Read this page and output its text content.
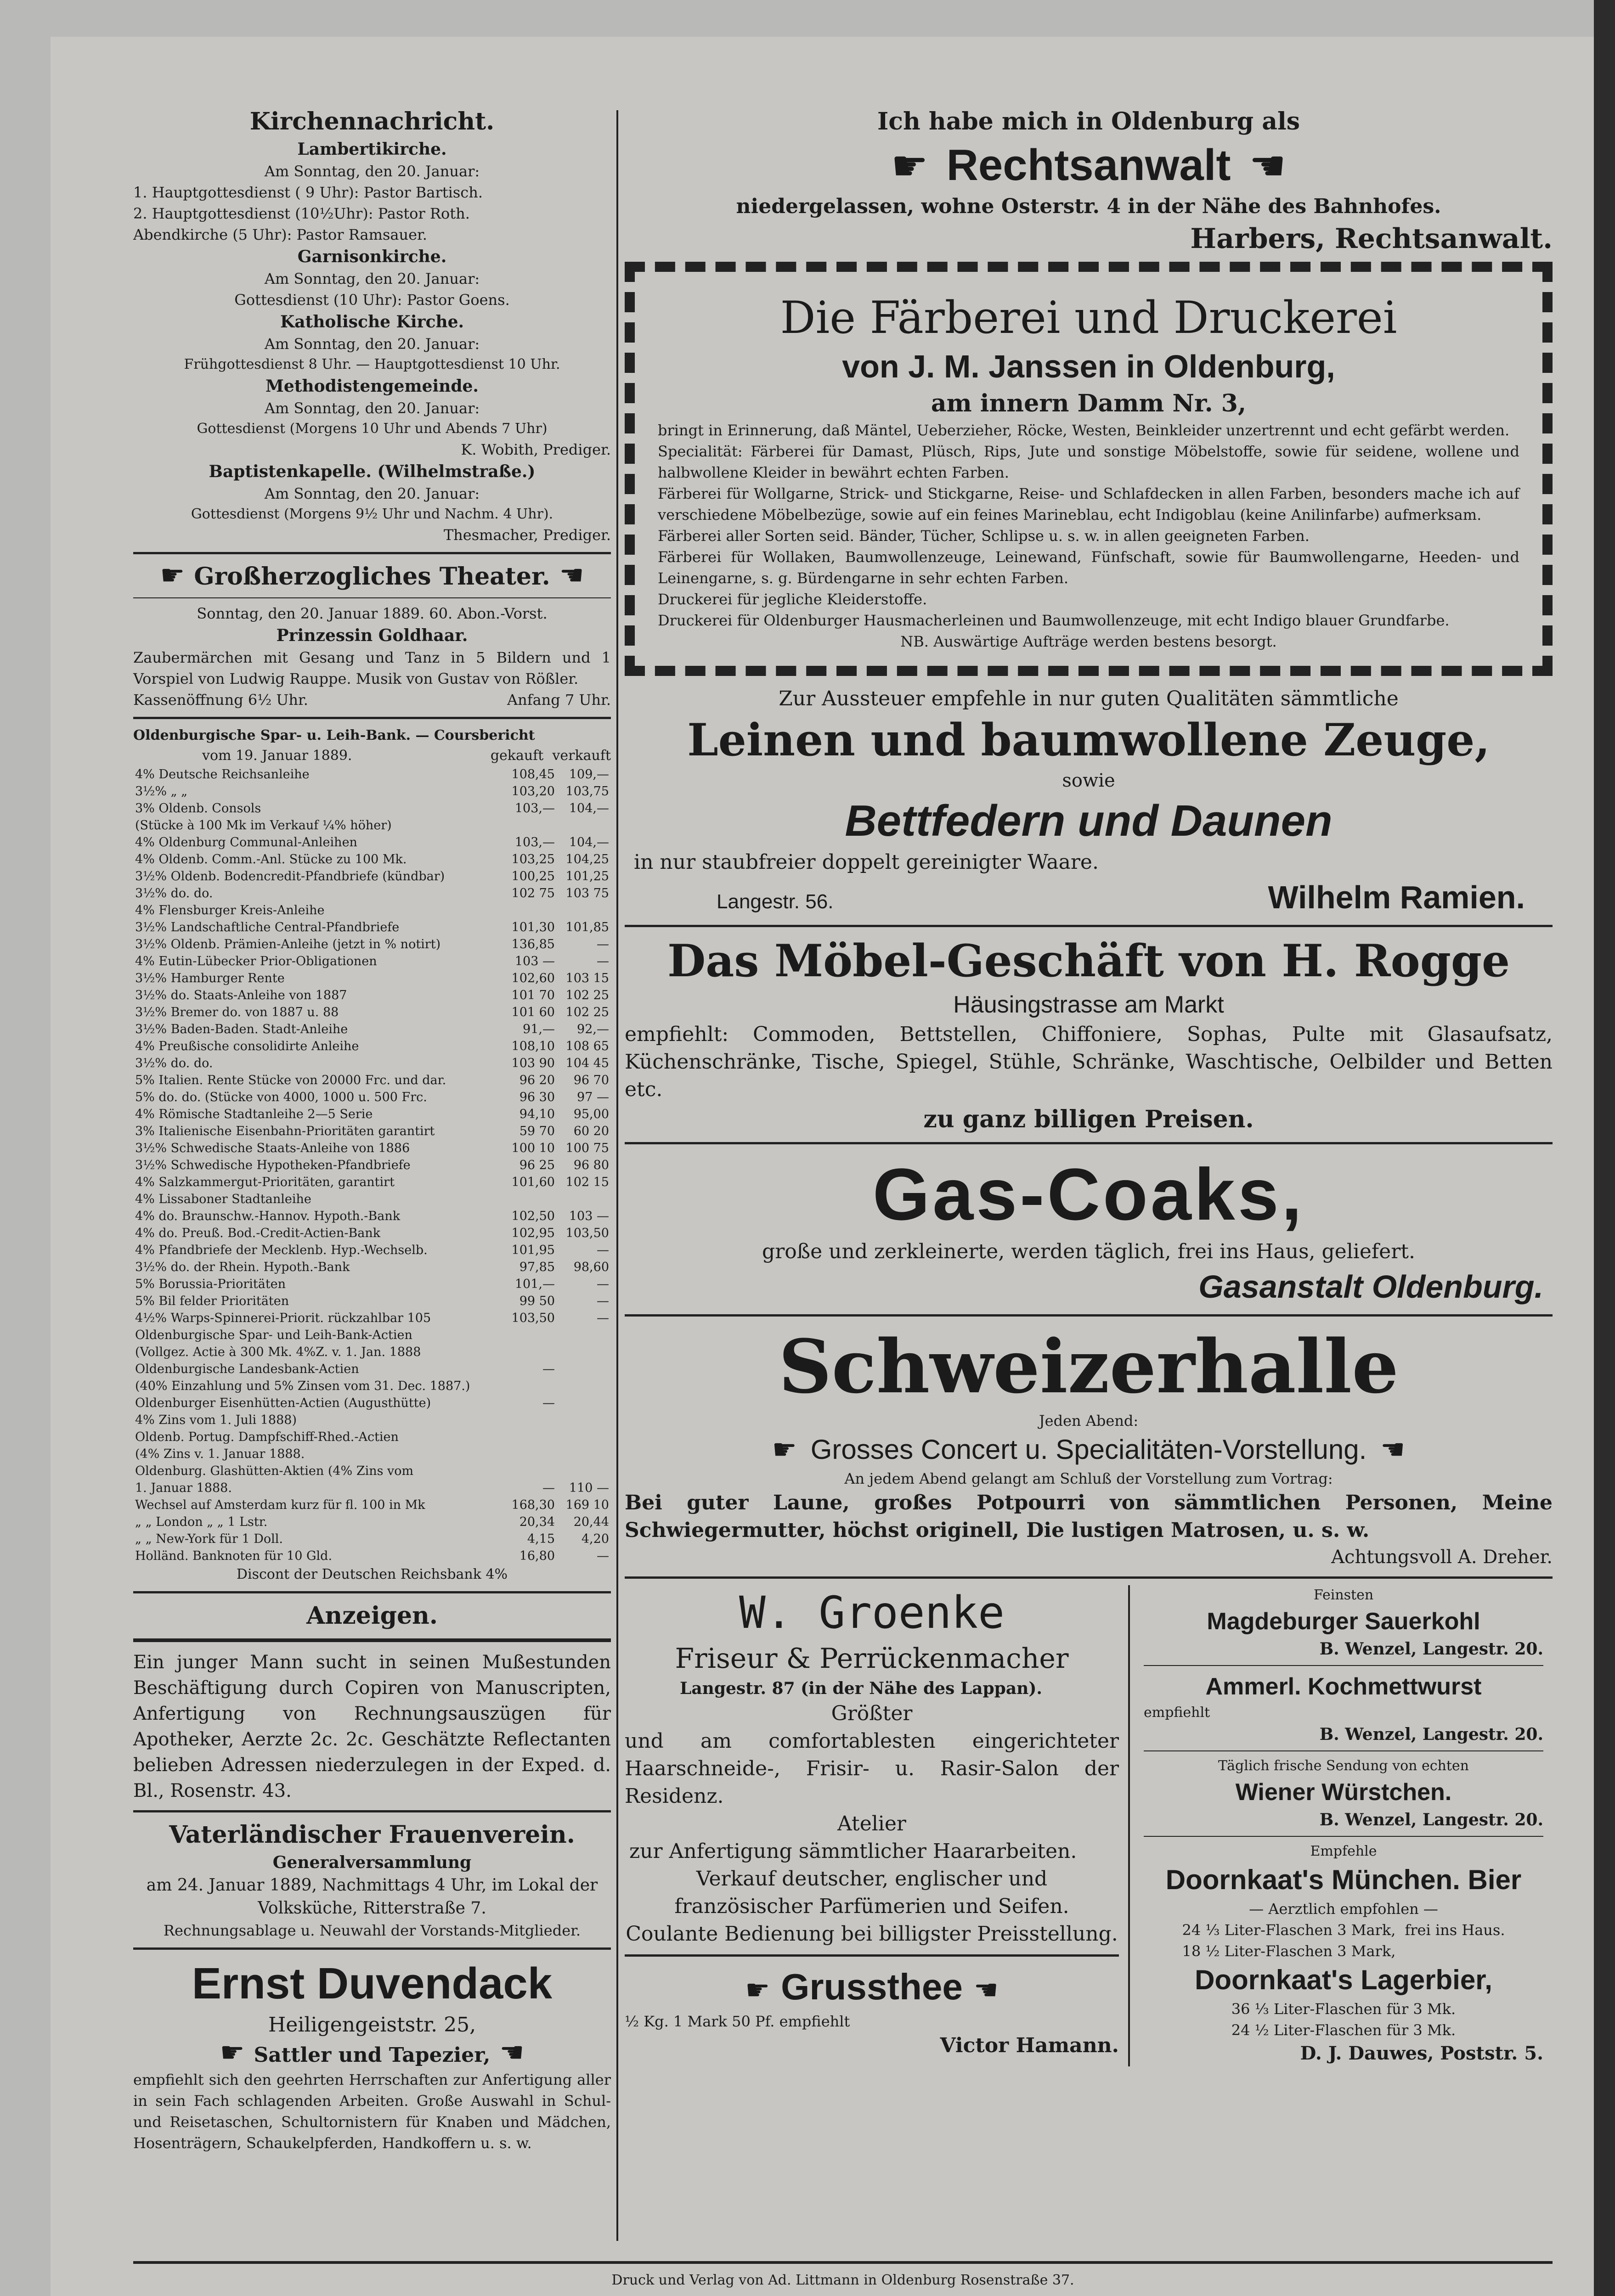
Kirchennachricht.
Lambertikirche.
Am Sonntag, den 20. Januar:
1. Hauptgottesdienst ( 9 Uhr): Pastor Bartisch.
2. Hauptgottesdienst (10½Uhr): Pastor Roth.
Abendkirche (5 Uhr): Pastor Ramsauer.
Garnisonkirche.
Am Sonntag, den 20. Januar:
Gottesdienst (10 Uhr): Pastor Goens.
Katholische Kirche.
Am Sonntag, den 20. Januar:
Frühgottesdienst 8 Uhr. — Hauptgottesdienst 10 Uhr.
Methodistengemeinde.
Am Sonntag, den 20. Januar:
Gottesdienst (Morgens 10 Uhr und Abends 7 Uhr)
K. Wobith, Prediger.
Baptistenkapelle. (Wilhelmstraße.)
Am Sonntag, den 20. Januar:
Gottesdienst (Morgens 9½ Uhr und Nachm. 4 Uhr).
Thesmacher, Prediger.
☛ Großherzogliches Theater. ☚
Sonntag, den 20. Januar 1889. 60. Abon.-Vorst.
Prinzessin Goldhaar.
Zaubermärchen mit Gesang und Tanz in 5 Bildern und 1 Vorspiel von Ludwig Rauppe. Musik von Gustav von Rößler.
Kassenöffnung 6½ Uhr.	Anfang 7 Uhr.
Oldenburgische Spar- u. Leih-Bank. — Coursbericht
vom 19. Januar 1889.	gekauft verkauft
4% Deutsche Reichsanleihe	108,45	109,—
3½% „ „	103,20	103,75
3% Oldenb. Consols	103,—	104,—
(Stücke à 100 Mk im Verkauf ¼% höher)		
4% Oldenburg Communal-Anleihen	103,—	104,—
4% Oldenb. Comm.-Anl. Stücke zu 100 Mk.	103,25	104,25
3½% Oldenb. Bodencredit-Pfandbriefe (kündbar)	100,25	101,25
3½% do. do.	102 75	103 75
4% Flensburger Kreis-Anleihe		
3½% Landschaftliche Central-Pfandbriefe	101,30	101,85
3½% Oldenb. Prämien-Anleihe (jetzt in % notirt)	136,85	—
4% Eutin-Lübecker Prior-Obligationen	103 —	—
3½% Hamburger Rente	102,60	103 15
3½% do. Staats-Anleihe von 1887	101 70	102 25
3½% Bremer do. von 1887 u. 88	101 60	102 25
3½% Baden-Baden. Stadt-Anleihe	91,—	92,—
4% Preußische consolidirte Anleihe	108,10	108 65
3½% do. do.	103 90	104 45
5% Italien. Rente Stücke von 20000 Frc. und dar.	96 20	96 70
5% do. do. (Stücke von 4000, 1000 u. 500 Frc.	96 30	97 —
4% Römische Stadtanleihe 2—5 Serie	94,10	95,00
3% Italienische Eisenbahn-Prioritäten garantirt	59 70	60 20
3½% Schwedische Staats-Anleihe von 1886	100 10	100 75
3½% Schwedische Hypotheken-Pfandbriefe	96 25	96 80
4% Salzkammergut-Prioritäten, garantirt	101,60	102 15
4% Lissaboner Stadtanleihe		
4% do. Braunschw.-Hannov. Hypoth.-Bank	102,50	103 —
4% do. Preuß. Bod.-Credit-Actien-Bank	102,95	103,50
4% Pfandbriefe der Mecklenb. Hyp.-Wechselb.	101,95	—
3½% do. der Rhein. Hypoth.-Bank	97,85	98,60
5% Borussia-Prioritäten	101,—	—
5% Bil felder Prioritäten	99 50	—
4½% Warps-Spinnerei-Priorit. rückzahlbar 105	103,50	—
Oldenburgische Spar- und Leih-Bank-Actien		
(Vollgez. Actie à 300 Mk. 4%Z. v. 1. Jan. 1888		
Oldenburgische Landesbank-Actien	—	
(40% Einzahlung und 5% Zinsen vom 31. Dec. 1887.)		
Oldenburger Eisenhütten-Actien (Augusthütte)	—	
4% Zins vom 1. Juli 1888)		
Oldenb. Portug. Dampfschiff-Rhed.-Actien		
(4% Zins v. 1. Januar 1888.		
Oldenburg. Glashütten-Aktien (4% Zins vom		
1. Januar 1888.	—	110 —
Wechsel auf Amsterdam kurz für fl. 100 in Mk	168,30	169 10
„ „ London „ „ 1 Lstr.	20,34	20,44
„ „ New-York für 1 Doll.	4,15	4,20
Holländ. Banknoten für 10 Gld.	16,80	—
Discont der Deutschen Reichsbank 4%
Anzeigen.
Ein junger Mann sucht in seinen Mußestunden Beschäftigung durch Copiren von Manuscripten, Anfertigung von Rechnungsauszügen für Apotheker, Aerzte 2c. 2c. Geschätzte Reflectanten belieben Adressen niederzulegen in der Exped. d. Bl., Rosenstr. 43.
Vaterländischer Frauenverein.
Generalversammlung
am 24. Januar 1889, Nachmittags 4 Uhr, im Lokal der Volksküche, Ritterstraße 7.
Rechnungsablage u. Neuwahl der Vorstands-Mitglieder.
Ernst Duvendack
Heiligengeiststr. 25,
☛ Sattler und Tapezier, ☚
empfiehlt sich den geehrten Herrschaften zur Anfertigung aller in sein Fach schlagenden Arbeiten. Große Auswahl in Schul- und Reisetaschen, Schultornistern für Knaben und Mädchen, Hosenträgern, Schaukelpferden, Handkoffern u. s. w.
Ich habe mich in Oldenburg als
☛ Rechtsanwalt ☚
niedergelassen, wohne Osterstr. 4 in der Nähe des Bahnhofes.
Harbers, Rechtsanwalt.
Die Färberei und Druckerei
von J. M. Janssen in Oldenburg,
am innern Damm Nr. 3,
bringt in Erinnerung, daß Mäntel, Ueberzieher, Röcke, Westen, Beinkleider unzertrennt und echt gefärbt werden.
Specialität: Färberei für Damast, Plüsch, Rips, Jute und sonstige Möbelstoffe, sowie für seidene, wollene und halbwollene Kleider in bewährt echten Farben.
Färberei für Wollgarne, Strick- und Stickgarne, Reise- und Schlafdecken in allen Farben, besonders mache ich auf verschiedene Möbelbezüge, sowie auf ein feines Marineblau, echt Indigoblau (keine Anilinfarbe) aufmerksam.
Färberei aller Sorten seid. Bänder, Tücher, Schlipse u. s. w. in allen geeigneten Farben.
Färberei für Wollaken, Baumwollenzeuge, Leinewand, Fünfschaft, sowie für Baumwollengarne, Heeden- und Leinengarne, s. g. Bürdengarne in sehr echten Farben.
Druckerei für jegliche Kleiderstoffe.
Druckerei für Oldenburger Hausmacherleinen und Baumwollenzeuge, mit echt Indigo blauer Grundfarbe.
NB. Auswärtige Aufträge werden bestens besorgt.
Zur Aussteuer empfehle in nur guten Qualitäten sämmtliche
Leinen und baumwollene Zeuge,
sowie
Bettfedern und Daunen
in nur staubfreier doppelt gereinigter Waare.
Langestr. 56.	Wilhelm Ramien.
Das Möbel-Geschäft von H. Rogge
Häusingstrasse am Markt
empfiehlt: Commoden, Bettstellen, Chiffoniere, Sophas, Pulte mit Glasaufsatz, Küchenschränke, Tische, Spiegel, Stühle, Schränke, Waschtische, Oelbilder und Betten etc.
zu ganz billigen Preisen.
Gas-Coaks,
große und zerkleinerte, werden täglich, frei ins Haus, geliefert.
Gasanstalt Oldenburg.
Schweizerhalle
Jeden Abend:
☛ Grosses Concert u. Specialitäten-Vorstellung. ☚
An jedem Abend gelangt am Schluß der Vorstellung zum Vortrag:
Bei guter Laune, großes Potpourri von sämmtlichen Personen, Meine Schwiegermutter, höchst originell, Die lustigen Matrosen, u. s. w.
Achtungsvoll A. Dreher.
W. Groenke
Friseur & Perrückenmacher
Langestr. 87 (in der Nähe des Lappan).
Größter
und am comfortablesten eingerichteter Haarschneide-, Frisir- u. Rasir-Salon der Residenz.
Atelier
zur Anfertigung sämmtlicher Haararbeiten.
Verkauf deutscher, englischer und französischer Parfümerien und Seifen.
Coulante Bedienung bei billigster Preisstellung.
☛ Grussthee ☚
½ Kg. 1 Mark 50 Pf. empfiehlt
Victor Hamann.
Feinsten
Magdeburger Sauerkohl
B. Wenzel, Langestr. 20.
Ammerl. Kochmettwurst
empfiehlt
B. Wenzel, Langestr. 20.
Täglich frische Sendung von echten
Wiener Würstchen.
B. Wenzel, Langestr. 20.
Empfehle
Doornkaat's München. Bier
— Aerztlich empfohlen —
24 ⅓ Liter-Flaschen 3 Mark,
18 ½ Liter-Flaschen 3 Mark,
frei ins Haus.
Doornkaat's Lagerbier,
36 ⅓ Liter-Flaschen für 3 Mk.
24 ½ Liter-Flaschen für 3 Mk.
D. J. Dauwes, Poststr. 5.
Druck und Verlag von Ad. Littmann in Oldenburg Rosenstraße 37.
